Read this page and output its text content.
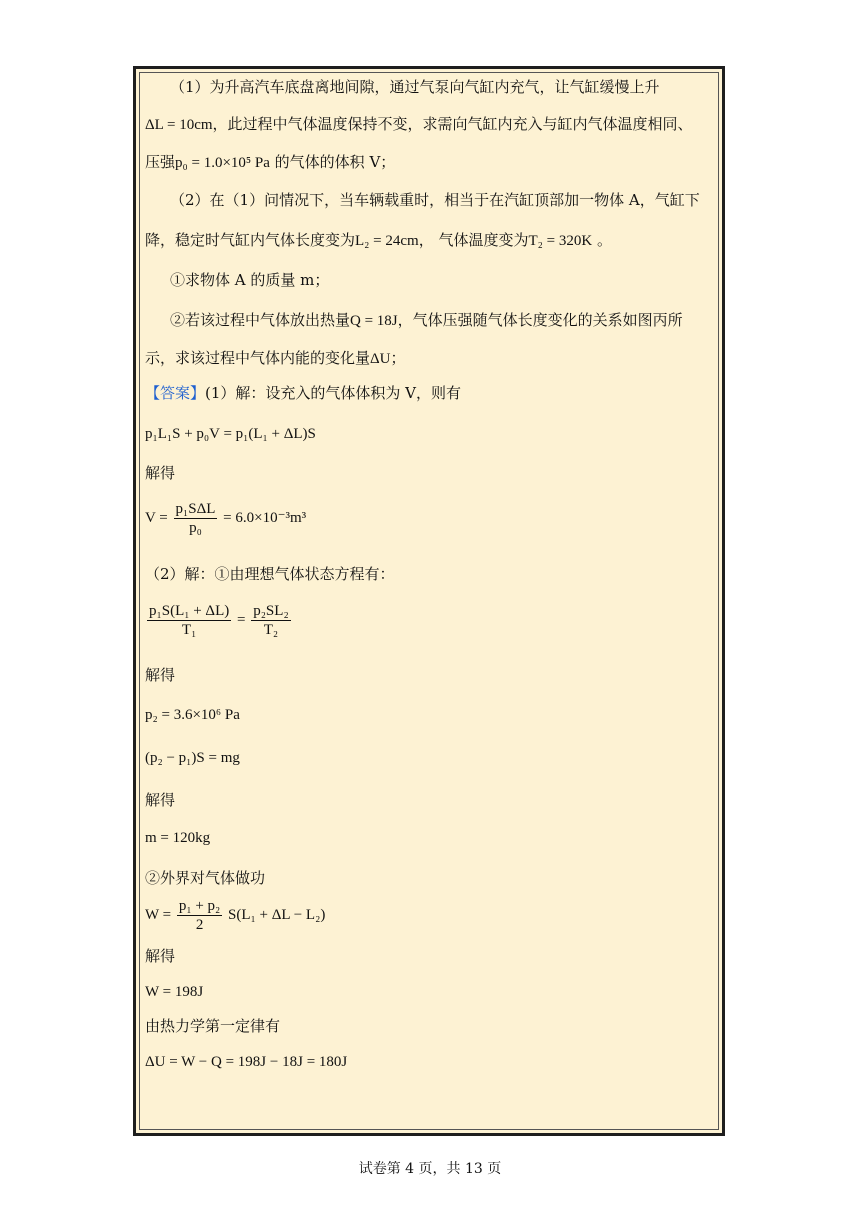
（1）为升高汽车底盘离地间隙，通过气泵向气缸内充气，让气缸缓慢上升
ΔL = 10cm，此过程中气体温度保持不变，求需向气缸内充入与缸内气体温度相同、
压强p₀ = 1.0×10⁵ Pa 的气体的体积 V；
（2）在（1）问情况下，当车辆载重时，相当于在汽缸顶部加一物体 A，气缸下
降，稳定时气缸内气体长度变为L₂ = 24cm， 气体温度变为T₂ = 320K 。
①求物体 A 的质量 m；
②若该过程中气体放出热量Q = 18J，气体压强随气体长度变化的关系如图丙所
示，求该过程中气体内能的变化量ΔU；
【答案】(1）解：设充入的气体体积为 V，则有
p₁L₁S + p₀V = p₁(L₁ + ΔL)S
解得
$V = \frac{\text{p₁SΔL}}{\text{p₀}} = 6.0\times 10^{-3}m^3$
（2）解：①由理想气体状态方程有：
$\frac{\text{p₁S(L₁ + ΔL)}}{\text{T₁}} = \frac{\text{p₂SL₂}}{\text{T₂}}$
解得
p₂ = 3.6×10⁶ Pa
(p₂ − p₁)S = mg
解得
m = 120kg
②外界对气体做功
$W = \frac{\text{p₁ + p₂}}{2} S(L_1 + \Delta L - L_2)$
解得
W = 198J
由热力学第一定律有
ΔU = W − Q = 198J − 18J = 180J
试卷第 4 页，共 13 页
